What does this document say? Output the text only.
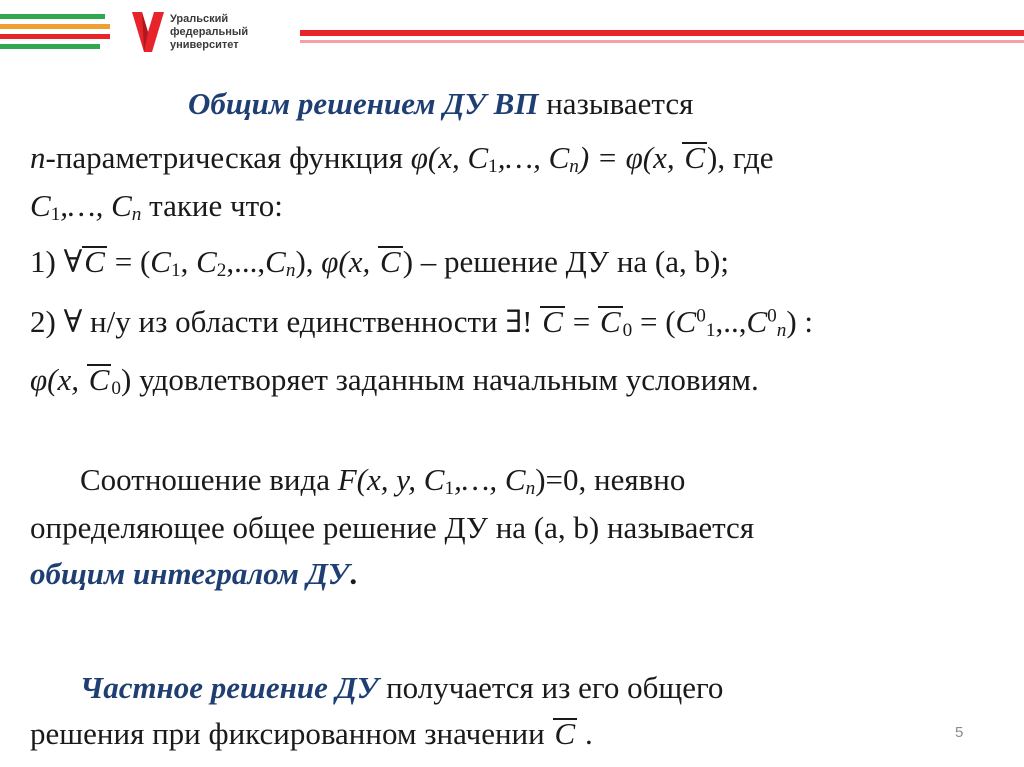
Уральский
федеральный
университет
Общим решением ДУ ВП называется
n-параметрическая функция φ(x, $C_1,\dots$, $C_n) = \varphi(x$, C), где
$C_1,\dots$, $C_n$ такие что:
1) ∀C = ($C_1$, $C_2,...,C_n$), φ(x, C) – решение ДУ на (a, b);
2) ∀ н/у из области единственности ∃! C = C $_0 = (C^0_1,..,C^0_n)$ :
φ(x, C $_0$) удовлетворяет заданным начальным условиям.
Соотношение вида F(x, y, $C_1,\dots$, $C_n)=0$, неявно
определяющее общее решение ДУ на (a, b) называется
общим интегралом ДУ.
Частное решение ДУ получается из его общего
решения при фиксированном значении C .	5
